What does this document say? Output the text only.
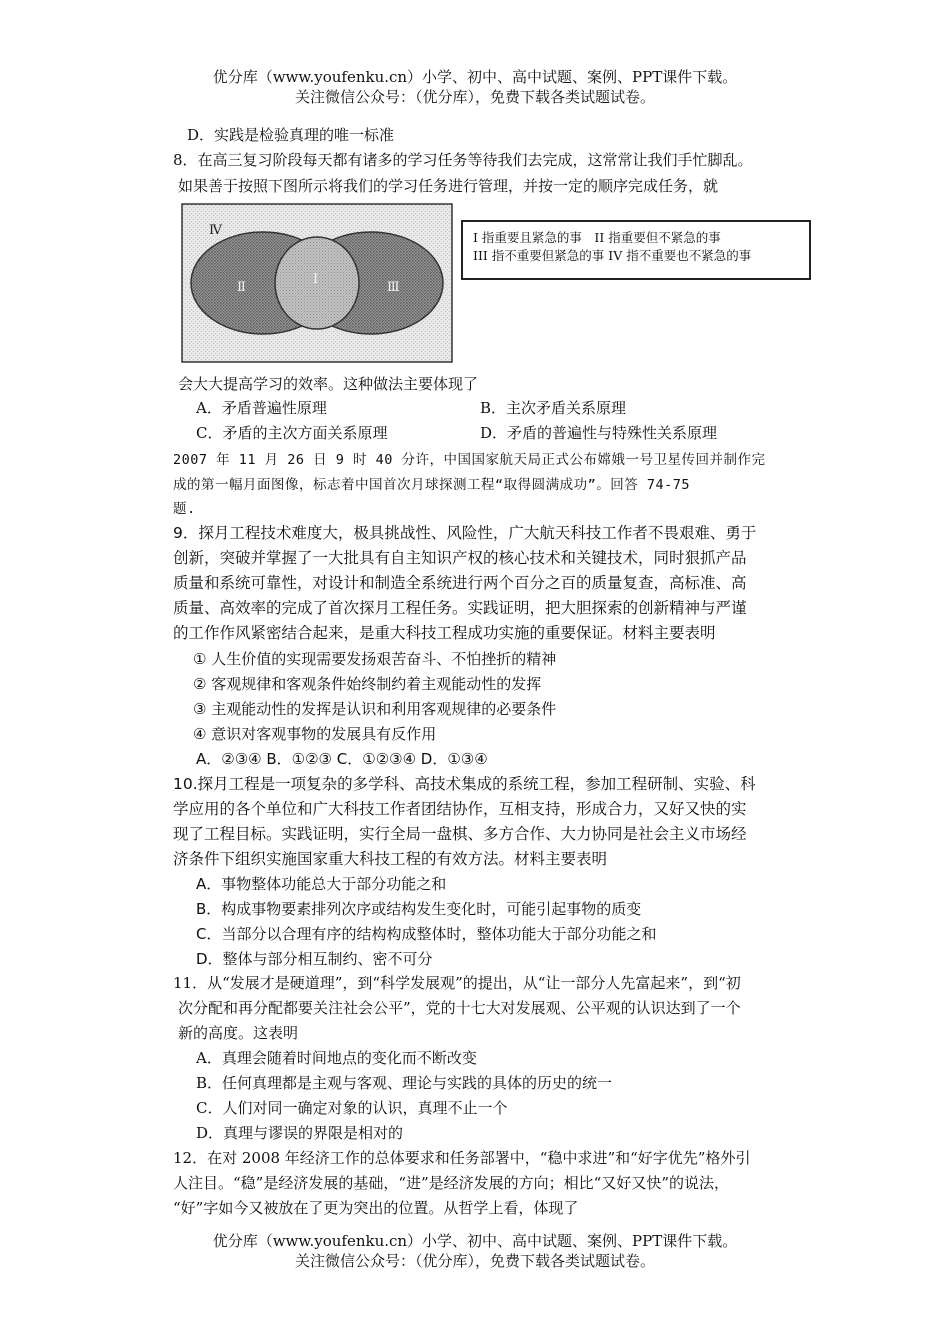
优分库（www.youfenku.cn）小学、初中、高中试题、案例、PPT课件下载。
关注微信公众号：（优分库），免费下载各类试题试卷。
D．实践是检验真理的唯一标准
8．在高三复习阶段每天都有诸多的学习任务等待我们去完成，这常常让我们手忙脚乱。
如果善于按照下图所示将我们的学习任务进行管理，并按一定的顺序完成任务，就
Ⅳ
Ⅰ
Ⅱ	Ⅲ
I 指重要且紧急的事　II 指重要但不紧急的事
III 指不重要但紧急的事 IV 指不重要也不紧急的事
会大大提高学习的效率。这种做法主要体现了
A．矛盾普遍性原理	B．主次矛盾关系原理
C．矛盾的主次方面关系原理	D．矛盾的普遍性与特殊性关系原理
2007 年 11 月 26 日 9 时 40 分许，中国国家航天局正式公布嫦娥一号卫星传回并制作完
成的第一幅月面图像，标志着中国首次月球探测工程“取得圆满成功”。回答 74-75
题.
9．探月工程技术难度大，极具挑战性、风险性，广大航天科技工作者不畏艰难、勇于
创新，突破并掌握了一大批具有自主知识产权的核心技术和关键技术，同时狠抓产品
质量和系统可靠性，对设计和制造全系统进行两个百分之百的质量复查，高标准、高
质量、高效率的完成了首次探月工程任务。实践证明，把大胆探索的创新精神与严谨
的工作作风紧密结合起来，是重大科技工程成功实施的重要保证。材料主要表明
① 人生价值的实现需要发扬艰苦奋斗、不怕挫折的精神
② 客观规律和客观条件始终制约着主观能动性的发挥
③ 主观能动性的发挥是认识和利用客观规律的必要条件
④ 意识对客观事物的发展具有反作用
A．②③④ B．①②③ C．①②③④ D．①③④
10.探月工程是一项复杂的多学科、高技术集成的系统工程，参加工程研制、实验、科
学应用的各个单位和广大科技工作者团结协作，互相支持，形成合力，又好又快的实
现了工程目标。实践证明，实行全局一盘棋、多方合作、大力协同是社会主义市场经
济条件下组织实施国家重大科技工程的有效方法。材料主要表明
A．事物整体功能总大于部分功能之和
B．构成事物要素排列次序或结构发生变化时，可能引起事物的质变
C．当部分以合理有序的结构构成整体时，整体功能大于部分功能之和
D．整体与部分相互制约、密不可分
11．从“发展才是硬道理”，到“科学发展观”的提出，从“让一部分人先富起来”，到“初
次分配和再分配都要关注社会公平”，党的十七大对发展观、公平观的认识达到了一个
新的高度。这表明
A．真理会随着时间地点的变化而不断改变
B．任何真理都是主观与客观、理论与实践的具体的历史的统一
C．人们对同一确定对象的认识，真理不止一个
D．真理与谬误的界限是相对的
12．在对 2008 年经济工作的总体要求和任务部署中，“稳中求进”和“好字优先”格外引
人注目。“稳”是经济发展的基础，“进”是经济发展的方向；相比“又好又快”的说法，
“好”字如今又被放在了更为突出的位置。从哲学上看，体现了
优分库（www.youfenku.cn）小学、初中、高中试题、案例、PPT课件下载。
关注微信公众号：（优分库），免费下载各类试题试卷。
